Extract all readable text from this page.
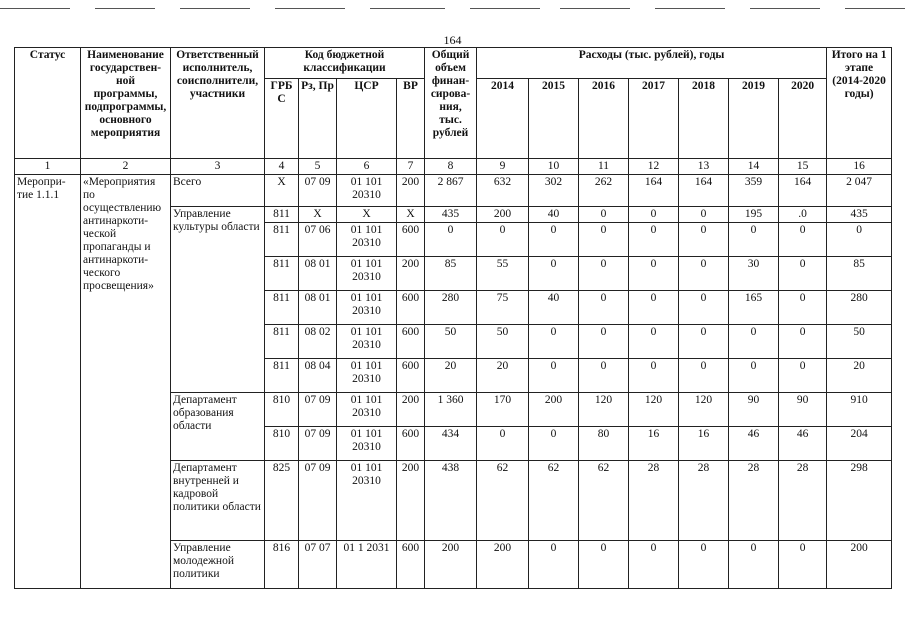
164
Статус	Наименование государствен-ной программы, подпрограммы, основного мероприятия	Ответственный исполнитель, соисполнители, участники	Код бюджетной классификации				Общий объем финан-сирова-ния, тыс. рублей	Расходы (тыс. рублей), годы							Итого на 1 этапе (2014-2020 годы)
			ГРБС	Рз, Пр	ЦСР	ВР		2014	2015	2016	2017	2018	2019	2020	
1	2	3	4	5	6	7	8	9	10	11	12	13	14	15	16
Меропри-тие 1.1.1	«Мероприятия по осуществлению антинаркоти-ческой пропаганды и антинаркоти-ческого просвещения»	Всего	Х	07 09	01 101 20310	200	2 867	632	302	262	164	164	359	164	2 047
		Управление культуры области	811	Х	Х	Х	435	200	40	0	0	0	195	.0	435
			811	07 06	01 101 20310	600	0	0	0	0	0	0	0	0	0
			811	08 01	01 101 20310	200	85	55	0	0	0	0	30	0	85
			811	08 01	01 101 20310	600	280	75	40	0	0	0	165	0	280
			811	08 02	01 101 20310	600	50	50	0	0	0	0	0	0	50
			811	08 04	01 101 20310	600	20	20	0	0	0	0	0	0	20
		Департамент образования области	810	07 09	01 101 20310	200	1 360	170	200	120	120	120	90	90	910
			810	07 09	01 101 20310	600	434	0	0	80	16	16	46	46	204
		Департамент внутренней и кадровой политики области	825	07 09	01 101 20310	200	438	62	62	62	28	28	28	28	298
		Управление молодежной политики	816	07 07	01 1 2031	600	200	200	0	0	0	0	0	0	200
